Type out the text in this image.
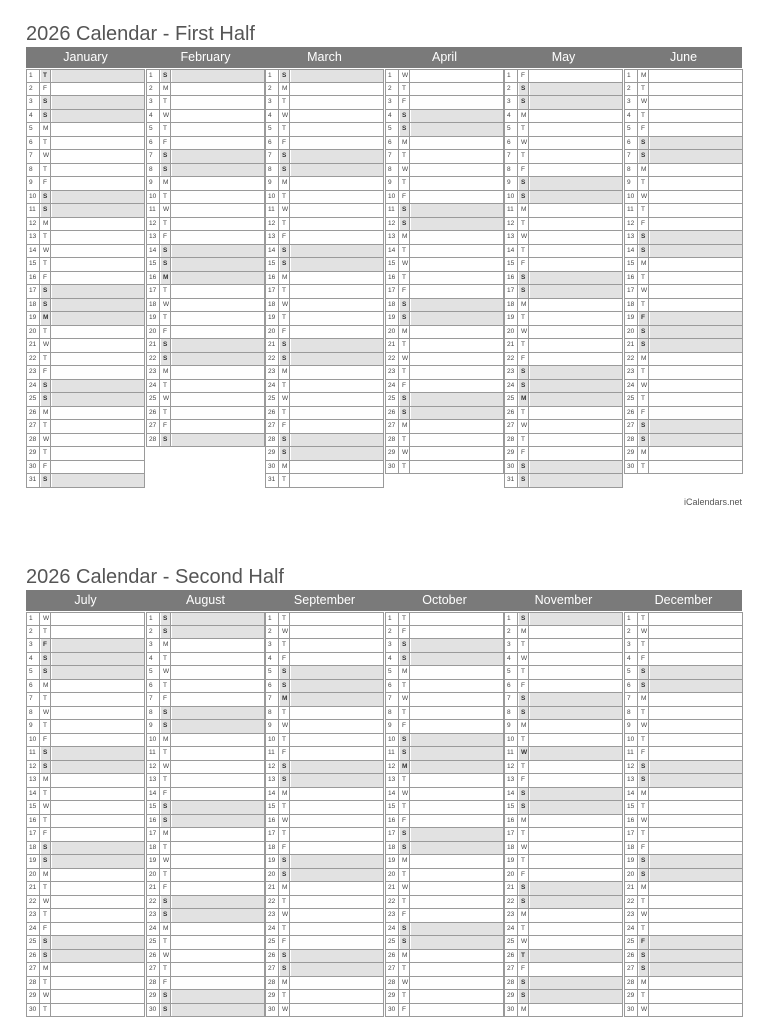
2026 Calendar - First Half
January	February	March	April	May	June
1	T
2	F
3	S
4	S
5	M
6	T
7	W
8	T
9	F
10	S
11	S
12	M
13	T
14	W
15	T
16	F
17	S
18	S
19	M
20	T
21	W
22	T
23	F
24	S
25	S
26	M
27	T
28	W
29	T
30	F
31	S
1	S
2	M
3	T
4	W
5	T
6	F
7	S
8	S
9	M
10	T
11	W
12	T
13	F
14	S
15	S
16	M
17	T
18	W
19	T
20	F
21	S
22	S
23	M
24	T
25	W
26	T
27	F
28	S
1	S
2	M
3	T
4	W
5	T
6	F
7	S
8	S
9	M
10	T
11	W
12	T
13	F
14	S
15	S
16	M
17	T
18	W
19	T
20	F
21	S
22	S
23	M
24	T
25	W
26	T
27	F
28	S
29	S
30	M
31	T
1	W
2	T
3	F
4	S
5	S
6	M
7	T
8	W
9	T
10	F
11	S
12	S
13	M
14	T
15	W
16	T
17	F
18	S
19	S
20	M
21	T
22	W
23	T
24	F
25	S
26	S
27	M
28	T
29	W
30	T
1	F
2	S
3	S
4	M
5	T
6	W
7	T
8	F
9	S
10	S
11	M
12	T
13	W
14	T
15	F
16	S
17	S
18	M
19	T
20	W
21	T
22	F
23	S
24	S
25	M
26	T
27	W
28	T
29	F
30	S
31	S
1	M
2	T
3	W
4	T
5	F
6	S
7	S
8	M
9	T
10	W
11	T
12	F
13	S
14	S
15	M
16	T
17	W
18	T
19	F
20	S
21	S
22	M
23	T
24	W
25	T
26	F
27	S
28	S
29	M
30	T
iCalendars.net
2026 Calendar - Second Half
July	August	September	October	November	December
1	W
2	T
3	F
4	S
5	S
6	M
7	T
8	W
9	T
10	F
11	S
12	S
13	M
14	T
15	W
16	T
17	F
18	S
19	S
20	M
21	T
22	W
23	T
24	F
25	S
26	S
27	M
28	T
29	W
30	T
1	S
2	S
3	M
4	T
5	W
6	T
7	F
8	S
9	S
10	M
11	T
12	W
13	T
14	F
15	S
16	S
17	M
18	T
19	W
20	T
21	F
22	S
23	S
24	M
25	T
26	W
27	T
28	F
29	S
30	S
1	T
2	W
3	T
4	F
5	S
6	S
7	M
8	T
9	W
10	T
11	F
12	S
13	S
14	M
15	T
16	W
17	T
18	F
19	S
20	S
21	M
22	T
23	W
24	T
25	F
26	S
27	S
28	M
29	T
30	W
1	T
2	F
3	S
4	S
5	M
6	T
7	W
8	T
9	F
10	S
11	S
12	M
13	T
14	W
15	T
16	F
17	S
18	S
19	M
20	T
21	W
22	T
23	F
24	S
25	S
26	M
27	T
28	W
29	T
30	F
1	S
2	M
3	T
4	W
5	T
6	F
7	S
8	S
9	M
10	T
11	W
12	T
13	F
14	S
15	S
16	M
17	T
18	W
19	T
20	F
21	S
22	S
23	M
24	T
25	W
26	T
27	F
28	S
29	S
30	M
1	T
2	W
3	T
4	F
5	S
6	S
7	M
8	T
9	W
10	T
11	F
12	S
13	S
14	M
15	T
16	W
17	T
18	F
19	S
20	S
21	M
22	T
23	W
24	T
25	F
26	S
27	S
28	M
29	T
30	W
